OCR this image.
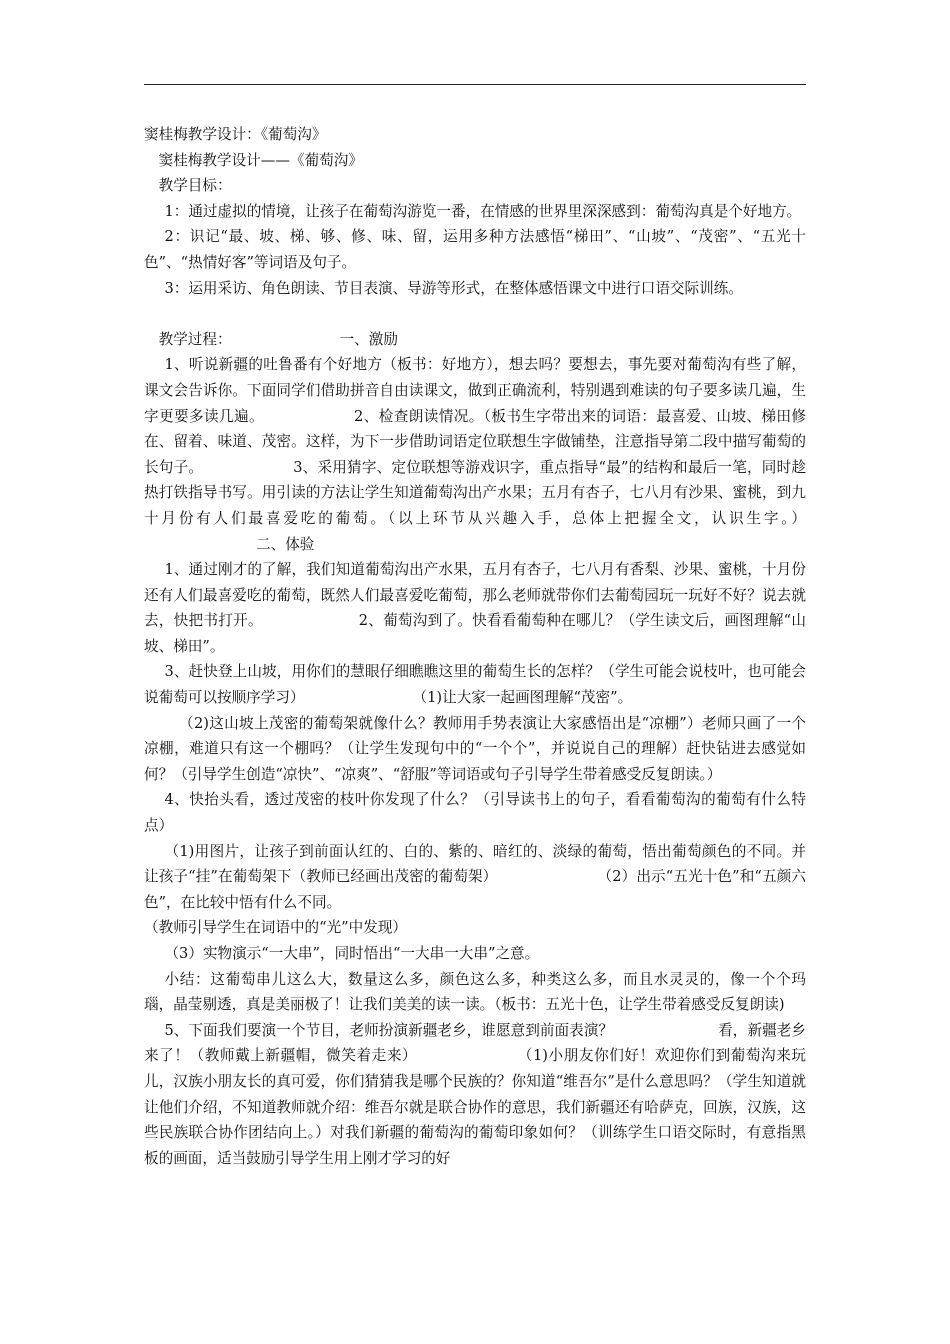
窦桂梅教学设计：《葡萄沟》

窦桂梅教学设计——《葡萄沟》

教学目标：

1：通过虚拟的情境，让孩子在葡萄沟游览一番，在情感的世界里深深感到：葡萄沟真是个好地方。

2：识记“最、坡、梯、够、修、味、留，运用多种方法感悟“梯田”、“山坡”、“茂密”、“五光十色”、“热情好客”等词语及句子。

3：运用采访、角色朗读、节目表演、导游等形式，在整体感悟课文中进行口语交际训练。

教学过程：	一、激励

1、听说新疆的吐鲁番有个好地方（板书：好地方），想去吗？要想去，事先要对葡萄沟有些了解，课文会告诉你。下面同学们借助拼音自由读课文，做到正确流利，特别遇到难读的句子要多读几遍，生字更要多读几遍。	2、检查朗读情况。（板书生字带出来的词语：最喜爱、山坡、梯田修在、留着、味道、茂密。这样，为下一步借助词语定位联想生字做铺垫，注意指导第二段中描写葡萄的长句子。	3、采用猜字、定位联想等游戏识字，重点指导“最”的结构和最后一笔，同时趁热打铁指导书写。用引读的方法让学生知道葡萄沟出产水果；五月有杏子，七八月有沙果、蜜桃，到九十月份有人们最喜爱吃的葡萄。（以上环节从兴趣入手，总体上把握全文，认识生字。）二、体验

1、通过刚才的了解，我们知道葡萄沟出产水果，五月有杏子，七八月有香梨、沙果、蜜桃，十月份还有人们最喜爱吃的葡萄，既然人们最喜爱吃葡萄，那么老师就带你们去葡萄园玩一玩好不好？说去就去，快把书打开。	2、葡萄沟到了。快看看葡萄种在哪儿？（学生读文后，画图理解“山坡、梯田”。

3、赶快登上山坡，用你们的慧眼仔细瞧瞧这里的葡萄生长的怎样？（学生可能会说枝叶，也可能会说葡萄可以按顺序学习）	（1)让大家一起画图理解“茂密”。

（2)这山坡上茂密的葡萄架就像什么？教师用手势表演让大家感悟出是“凉棚”）老师只画了一个凉棚，难道只有这一个棚吗？（让学生发现句中的“一个个”，并说说自己的理解）赶快钻进去感觉如何？（引导学生创造“凉快”、“凉爽”、“舒服”等词语或句子引导学生带着感受反复朗读。）

4、快抬头看，透过茂密的枝叶你发现了什么？（引导读书上的句子，看看葡萄沟的葡萄有什么特点）

（1)用图片，让孩子到前面认红的、白的、紫的、暗红的、淡绿的葡萄，悟出葡萄颜色的不同。并让孩子“挂”在葡萄架下（教师已经画出茂密的葡萄架）	（2）出示“五光十色”和“五颜六色”，在比较中悟有什么不同。

（教师引导学生在词语中的“光”中发现）

（3）实物演示“一大串”，同时悟出“一大串一大串”之意。

小结：这葡萄串儿这么大，数量这么多，颜色这么多，种类这么多，而且水灵灵的，像一个个玛瑙，晶莹剔透，真是美丽极了！让我们美美的读一读。（板书：五光十色，让学生带着感受反复朗读)

5、下面我们要演一个节目，老师扮演新疆老乡，谁愿意到前面表演？	看，新疆老乡来了！（教师戴上新疆帽，微笑着走来）	（1)小朋友你们好！欢迎你们到葡萄沟来玩儿，汉族小朋友长的真可爱，你们猜猜我是哪个民族的？你知道“维吾尔”是什么意思吗？（学生知道就让他们介绍，不知道教师就介绍：维吾尔就是联合协作的意思，我们新疆还有哈萨克，回族，汉族，这些民族联合协作团结向上。）对我们新疆的葡萄沟的葡萄印象如何？（训练学生口语交际时，有意指黑板的画面，适当鼓励引导学生用上刚才学习的好
